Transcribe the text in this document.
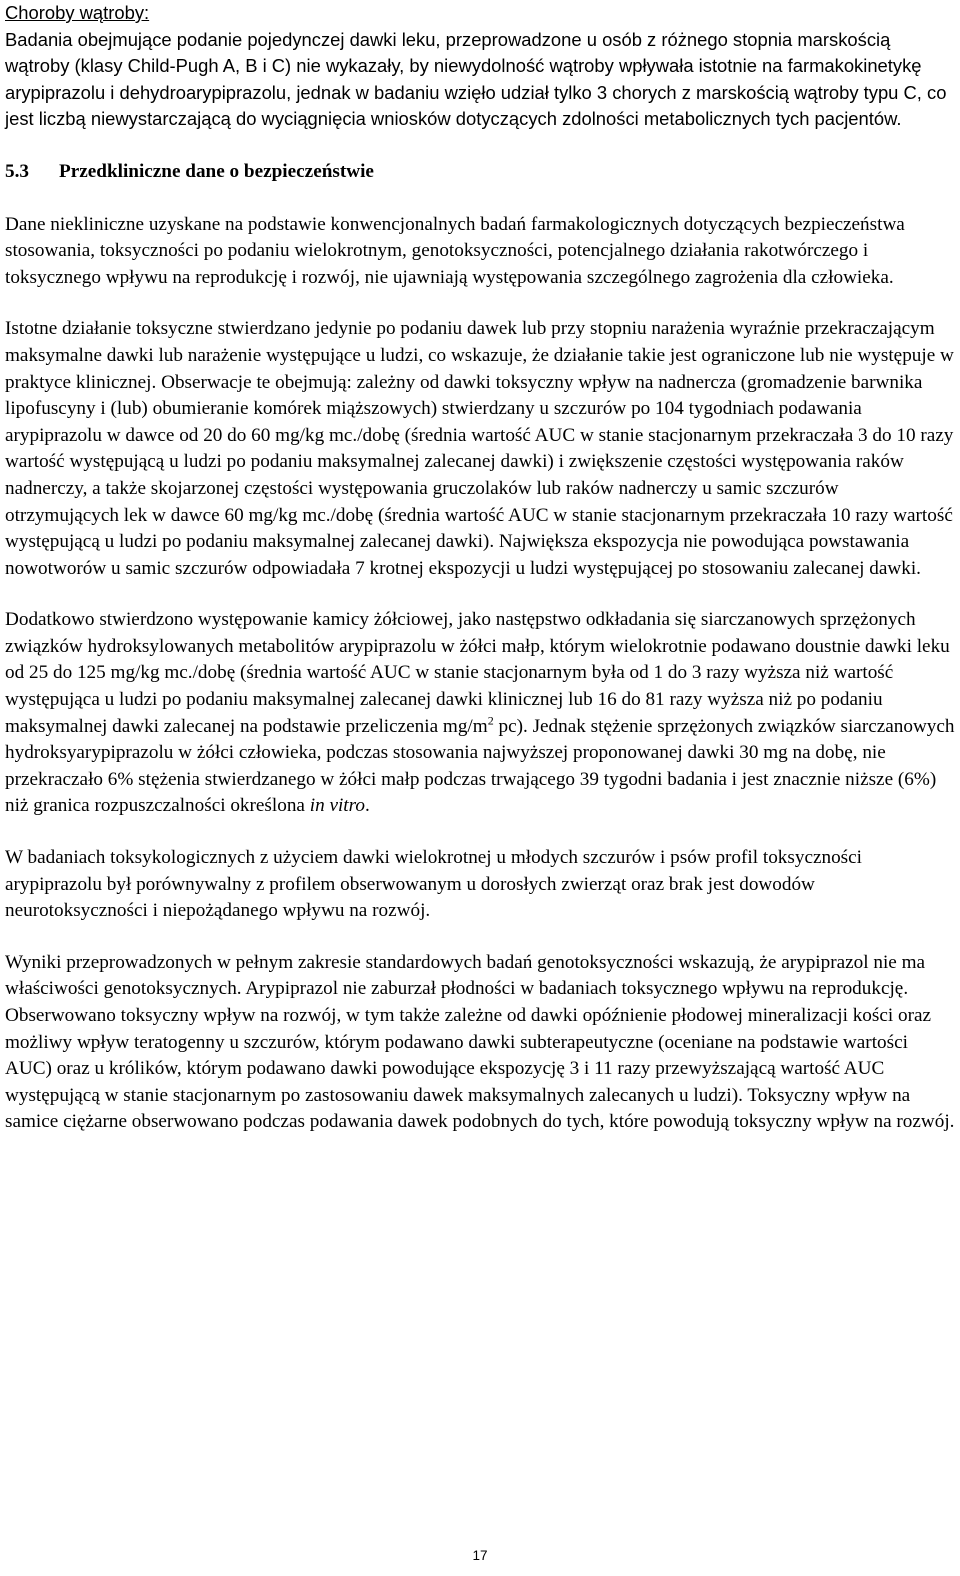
Choroby wątroby:
Badania obejmujące podanie pojedynczej dawki leku, przeprowadzone u osób z różnego stopnia marskością wątroby (klasy Child-Pugh A, B i C) nie wykazały, by niewydolność wątroby wpływała istotnie na farmakokinetykę arypiprazolu i dehydroarypiprazolu, jednak w badaniu wzięło udział tylko 3 chorych z marskością wątroby typu C, co jest liczbą niewystarczającą do wyciągnięcia wniosków dotyczących zdolności metabolicznych tych pacjentów.
5.3 Przedkliniczne dane o bezpieczeństwie

Dane niekliniczne uzyskane na podstawie konwencjonalnych badań farmakologicznych dotyczących bezpieczeństwa stosowania, toksyczności po podaniu wielokrotnym, genotoksyczności, potencjalnego działania rakotwórczego i toksycznego wpływu na reprodukcję i rozwój, nie ujawniają występowania szczególnego zagrożenia dla człowieka.

Istotne działanie toksyczne stwierdzano jedynie po podaniu dawek lub przy stopniu narażenia wyraźnie przekraczającym maksymalne dawki lub narażenie występujące u ludzi, co wskazuje, że działanie takie jest ograniczone lub nie występuje w praktyce klinicznej. Obserwacje te obejmują: zależny od dawki toksyczny wpływ na nadnercza (gromadzenie barwnika lipofuscyny i (lub) obumieranie komórek miąższowych) stwierdzany u szczurów po 104 tygodniach podawania arypiprazolu w dawce od 20 do 60 mg/kg mc./dobę (średnia wartość AUC w stanie stacjonarnym przekraczała 3 do 10 razy wartość występującą u ludzi po podaniu maksymalnej zalecanej dawki) i zwiększenie częstości występowania raków nadnerczy, a także skojarzonej częstości występowania gruczolaków lub raków nadnerczy u samic szczurów otrzymujących lek w dawce 60 mg/kg mc./dobę (średnia wartość AUC w stanie stacjonarnym przekraczała 10 razy wartość występującą u ludzi po podaniu maksymalnej zalecanej dawki). Największa ekspozycja nie powodująca powstawania nowotworów u samic szczurów odpowiadała 7 krotnej ekspozycji u ludzi występującej po stosowaniu zalecanej dawki.

Dodatkowo stwierdzono występowanie kamicy żółciowej, jako następstwo odkładania się siarczanowych sprzężonych związków hydroksylowanych metabolitów arypiprazolu w żółci małp, którym wielokrotnie podawano doustnie dawki leku od 25 do 125 mg/kg mc./dobę (średnia wartość AUC w stanie stacjonarnym była od 1 do 3 razy wyższa niż wartość występująca u ludzi po podaniu maksymalnej zalecanej dawki klinicznej lub 16 do 81 razy wyższa niż po podaniu maksymalnej dawki zalecanej na podstawie przeliczenia $mg/m^2$ pc). Jednak stężenie sprzężonych związków siarczanowych hydroksyarypiprazolu w żółci człowieka, podczas stosowania najwyższej proponowanej dawki 30 mg na dobę, nie przekraczało 6% stężenia stwierdzanego w żółci małp podczas trwającego 39 tygodni badania i jest znacznie niższe (6%) niż granica rozpuszczalności określona in vitro.

W badaniach toksykologicznych z użyciem dawki wielokrotnej u młodych szczurów i psów profil toksyczności arypiprazolu był porównywalny z profilem obserwowanym u dorosłych zwierząt oraz brak jest dowodów neurotoksyczności i niepożądanego wpływu na rozwój.

Wyniki przeprowadzonych w pełnym zakresie standardowych badań genotoksyczności wskazują, że arypiprazol nie ma właściwości genotoksycznych. Arypiprazol nie zaburzał płodności w badaniach toksycznego wpływu na reprodukcję. Obserwowano toksyczny wpływ na rozwój, w tym także zależne od dawki opóźnienie płodowej mineralizacji kości oraz możliwy wpływ teratogenny u szczurów, którym podawano dawki subterapeutyczne (oceniane na podstawie wartości AUC) oraz u królików, którym podawano dawki powodujące ekspozycję 3 i 11 razy przewyższającą wartość AUC występującą w stanie stacjonarnym po zastosowaniu dawek maksymalnych zalecanych u ludzi). Toksyczny wpływ na samice ciężarne obserwowano podczas podawania dawek podobnych do tych, które powodują toksyczny wpływ na rozwój.

17
